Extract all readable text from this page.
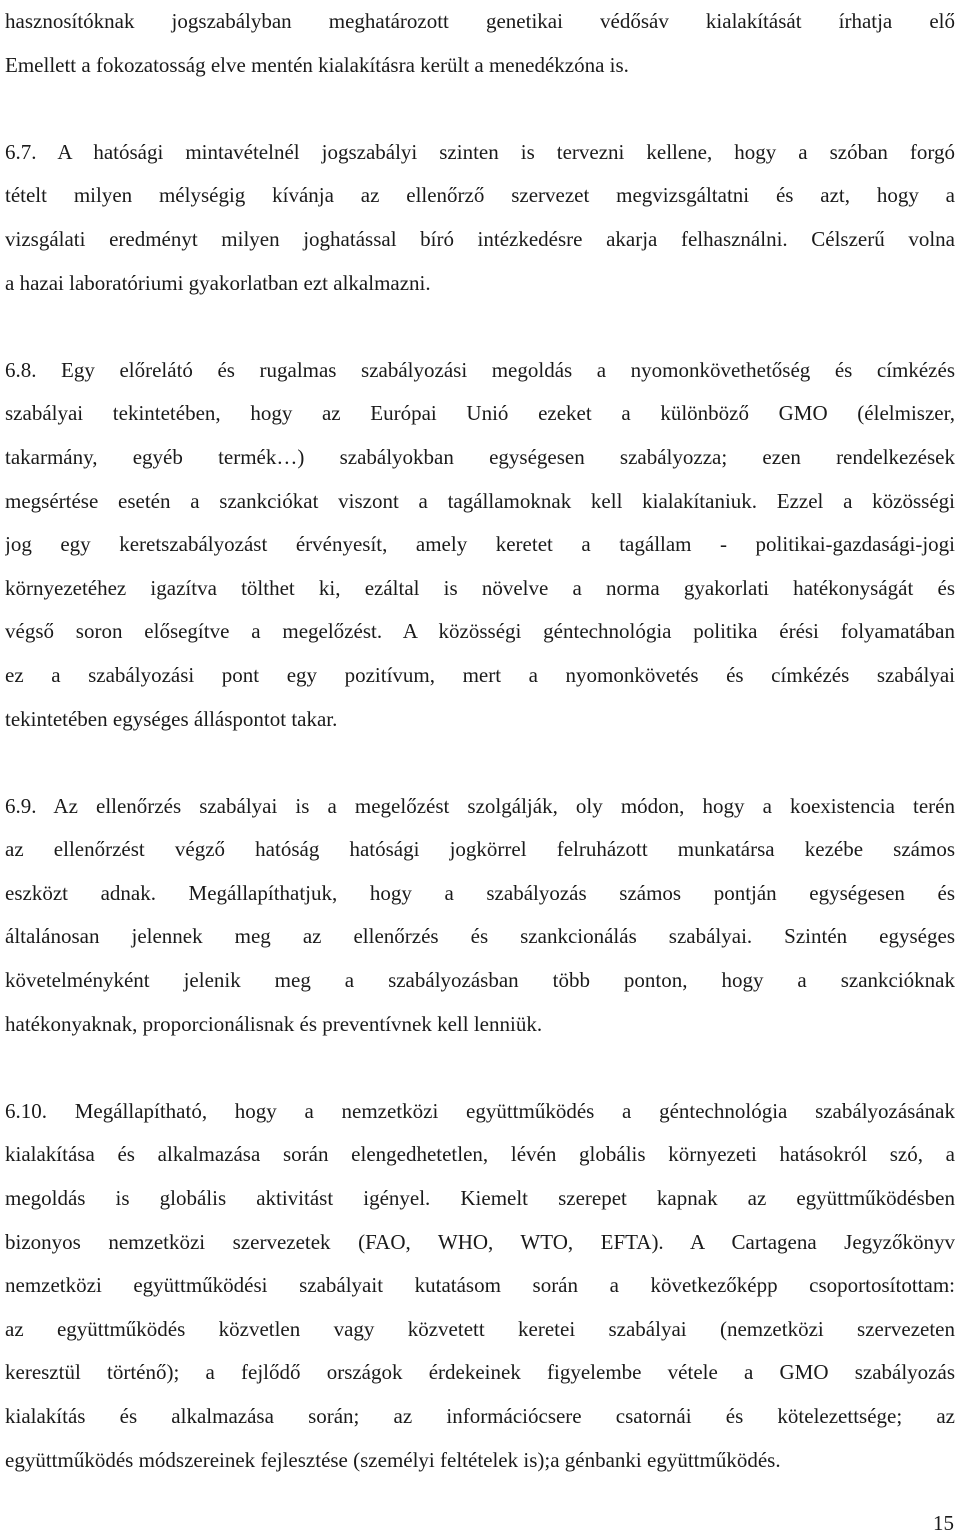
hasznosítóknak jogszabályban meghatározott genetikai védősáv kialakítását írhatja elő
Emellett a fokozatosság elve mentén kialakításra került a menedékzóna is.
6.7. A hatósági mintavételnél jogszabályi szinten is tervezni kellene, hogy a szóban forgó
tételt milyen mélységig kívánja az ellenőrző szervezet megvizsgáltatni és azt, hogy a
vizsgálati eredményt milyen joghatással bíró intézkedésre akarja felhasználni. Célszerű volna
a hazai laboratóriumi gyakorlatban ezt alkalmazni.
6.8. Egy előrelátó és rugalmas szabályozási megoldás a nyomonkövethetőség és címkézés
szabályai tekintetében, hogy az Európai Unió ezeket a különböző GMO (élelmiszer,
takarmány, egyéb termék…) szabályokban egységesen szabályozza; ezen rendelkezések
megsértése esetén a szankciókat viszont a tagállamoknak kell kialakítaniuk. Ezzel a közösségi
jog egy keretszabályozást érvényesít, amely keretet a tagállam - politikai-gazdasági-jogi
környezetéhez igazítva tölthet ki, ezáltal is növelve a norma gyakorlati hatékonyságát és
végső soron elősegítve a megelőzést. A közösségi géntechnológia politika érési folyamatában
ez a szabályozási pont egy pozitívum, mert a nyomonkövetés és címkézés szabályai
tekintetében egységes álláspontot takar.
6.9. Az ellenőrzés szabályai is a megelőzést szolgálják, oly módon, hogy a koexistencia terén
az ellenőrzést végző hatóság hatósági jogkörrel felruházott munkatársa kezébe számos
eszközt adnak. Megállapíthatjuk, hogy a szabályozás számos pontján egységesen és
általánosan jelennek meg az ellenőrzés és szankcionálás szabályai. Szintén egységes
követelményként jelenik meg a szabályozásban több ponton, hogy a szankcióknak
hatékonyaknak, proporcionálisnak és preventívnek kell lenniük.
6.10. Megállapítható, hogy a nemzetközi együttműködés a géntechnológia szabályozásának
kialakítása és alkalmazása során elengedhetetlen, lévén globális környezeti hatásokról szó, a
megoldás is globális aktivitást igényel. Kiemelt szerepet kapnak az együttműködésben
bizonyos nemzetközi szervezetek (FAO, WHO, WTO, EFTA). A Cartagena Jegyzőkönyv
nemzetközi együttműködési szabályait kutatásom során a következőképp csoportosítottam:
az együttműködés közvetlen vagy közvetett keretei szabályai (nemzetközi szervezeten
keresztül történő); a fejlődő országok érdekeinek figyelembe vétele a GMO szabályozás
kialakítás és alkalmazása során; az információcsere csatornái és kötelezettsége; az
együttműködés módszereinek fejlesztése (személyi feltételek is);a génbanki együttműködés.
15
